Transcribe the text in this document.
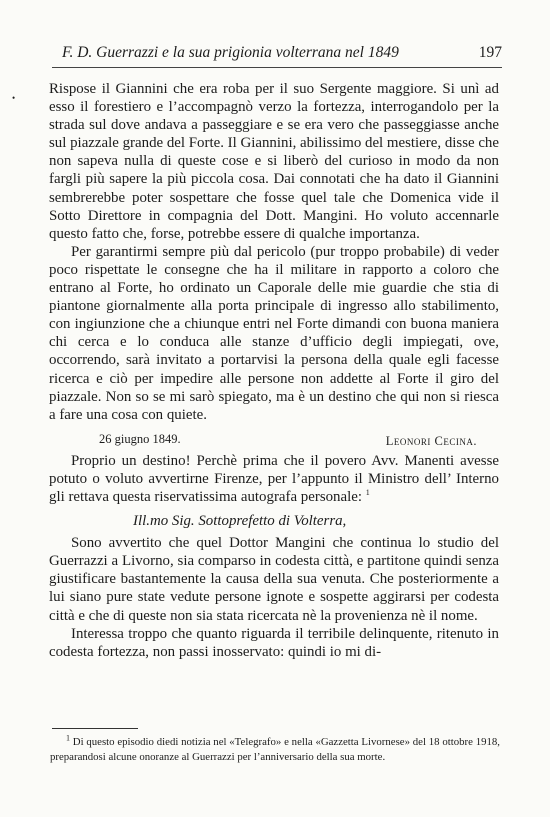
F. D. Guerrazzi e la sua prigionia volterrana nel 1849	197
•

Rispose il Giannini che era roba per il suo Sergente maggiore. Si unì ad esso il forestiero e l’accompagnò verzo la fortezza, interrogandolo per la strada sul dove andava a passeggiare e se era vero che passeggiasse anche sul piazzale grande del Forte. Il Giannini, abilissimo del mestiere, disse che non sapeva nulla di queste cose e si liberò del curioso in modo da non fargli più sapere la più piccola cosa. Dai connotati che ha dato il Giannini sembrerebbe poter sospettare che fosse quel tale che Domenica vide il Sotto Direttore in compagnia del Dott. Mangini. Ho voluto accennarle questo fatto che, forse, potrebbe essere di qualche importanza.

Per garantirmi sempre più dal pericolo (pur troppo probabile) di veder poco rispettate le consegne che ha il militare in rapporto a coloro che entrano al Forte, ho ordinato un Caporale delle mie guardie che stia di piantone giornalmente alla porta principale di ingresso allo stabilimento, con ingiunzione che a chiunque entri nel Forte dimandi con buona maniera chi cerca e lo conduca alle stanze d’ufficio degli impiegati, ove, occorrendo, sarà invitato a portarvisi la persona della quale egli facesse ricerca e ciò per impedire alle persone non addette al Forte il giro del piazzale. Non so se mi sarò spiegato, ma è un destino che qui non si riesca a fare una cosa con quiete.

26 giugno 1849.	Leonori Cecina.

Proprio un destino! Perchè prima che il povero Avv. Manenti avesse potuto o voluto avvertirne Firenze, per l’appunto il Ministro dell’ Interno gli rettava questa riservatissima autografa personale: $^1$

Ill.mo Sig. Sottoprefetto di Volterra,

Sono avvertito che quel Dottor Mangini che continua lo studio del Guerrazzi a Livorno, sia comparso in codesta città, e partitone quindi senza giustificare bastantemente la causa della sua venuta. Che posteriormente a lui siano pure state vedute persone ignote e sospette aggirarsi per codesta città e che di queste non sia stata ricercata nè la provenienza nè il nome.

Interessa troppo che quanto riguarda il terribile delinquente, ritenuto in codesta fortezza, non passi inosservato: quindi io mi di-

$^1$ Di questo episodio diedi notizia nel «Telegrafo» e nella «Gazzetta Livornese» del 18 ottobre 1918, preparandosi alcune onoranze al Guerrazzi per l’anniversario della sua morte.
